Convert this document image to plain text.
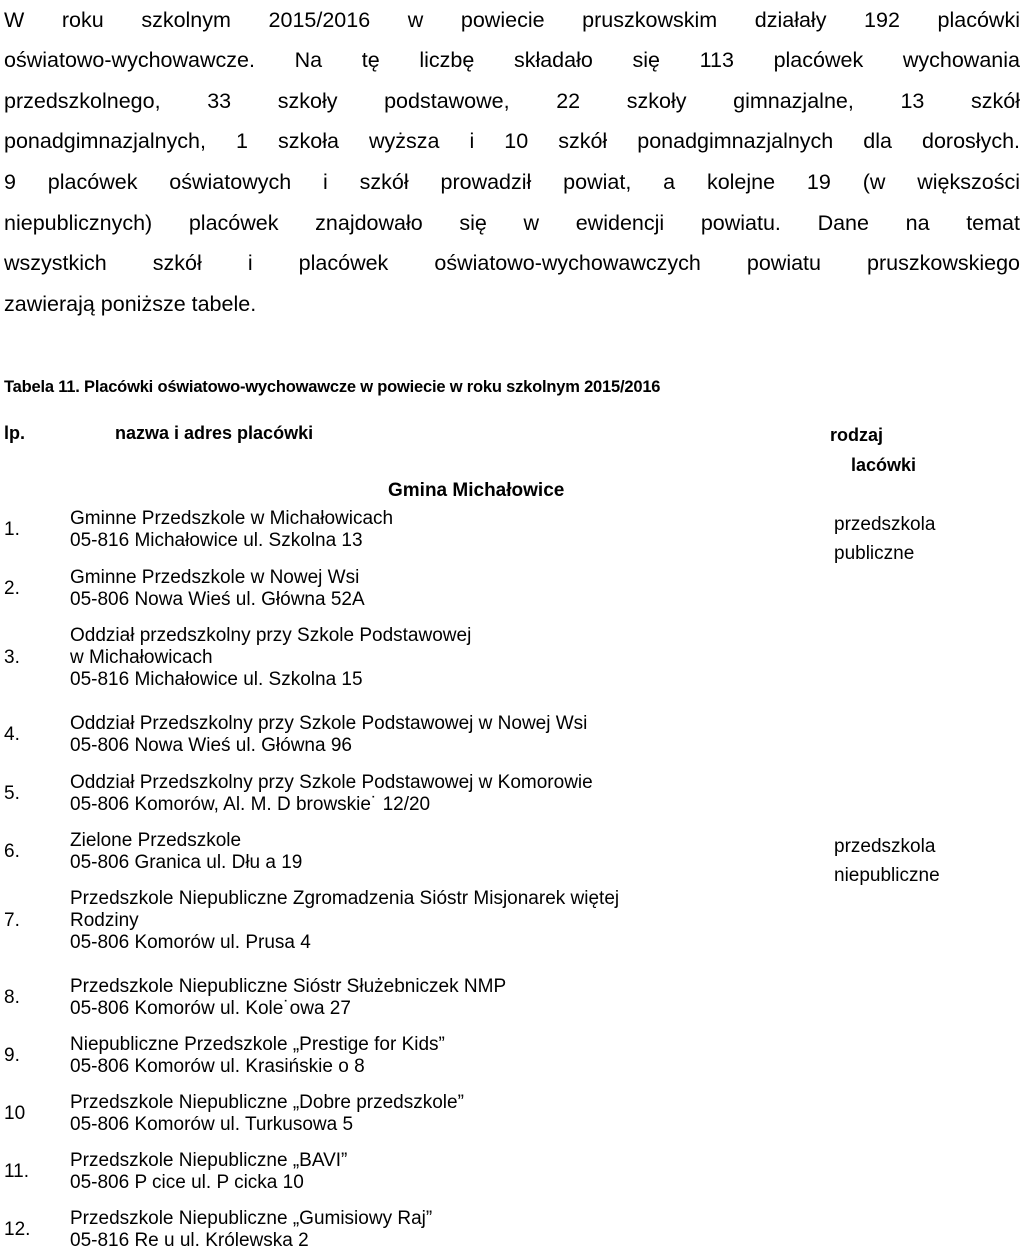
W roku szkolnym 2015/2016 w powiecie pruszkowskim działały 192 placówki
oświatowo-wychowawcze. Na tę liczbę składało się 113 placówek wychowania
przedszkolnego, 33 szkoły podstawowe, 22 szkoły gimnazjalne, 13 szkół
ponadgimnazjalnych, 1 szkoła wyższa i 10 szkół ponadgimnazjalnych dla dorosłych.
9 placówek oświatowych i szkół prowadził powiat, a kolejne 19 (w większości
niepublicznych) placówek znajdowało się w ewidencji powiatu. Dane na temat
wszystkich szkół i placówek oświatowo-wychowawczych powiatu pruszkowskiego
zawierają poniższe tabele.
Tabela 11. Placówki oświatowo-wychowawcze w powiecie w roku szkolnym 2015/2016
lp.	nazwa i adres placówki	rodzaj
lacówki
Gmina Michałowice
1.
Gminne Przedszkole w Michałowicach
05-816 Michałowice ul. Szkolna 13
przedszkola
publiczne
2.
Gminne Przedszkole w Nowej Wsi
05-806 Nowa Wieś ul. Główna 52A
3.
Oddział przedszkolny przy Szkole Podstawowej
w Michałowicach
05-816 Michałowice ul. Szkolna 15
4.
Oddział Przedszkolny przy Szkole Podstawowej w Nowej Wsi
05-806 Nowa Wieś ul. Główna 96
5.
Oddział Przedszkolny przy Szkole Podstawowej w Komorowie
05-806 Komorów, Al. M. D browskie˙ 12/20
6.
Zielone Przedszkole
05-806 Granica ul. Dłu a 19
przedszkola
niepubliczne
7.
Przedszkole Niepubliczne Zgromadzenia Sióstr Misjonarek więtej
Rodziny
05-806 Komorów ul. Prusa 4
8.
Przedszkole Niepubliczne Sióstr Służebniczek NMP
05-806 Komorów ul. Kole˙owa 27
9.
Niepubliczne Przedszkole „Prestige for Kids”
05-806 Komorów ul. Krasińskie o 8
10
Przedszkole Niepubliczne „Dobre przedszkole”
05-806 Komorów ul. Turkusowa 5
11.
Przedszkole Niepubliczne „BAVI”
05-806 P cice ul. P cicka 10
12.
Przedszkole Niepubliczne „Gumisiowy Raj”
05-816 Re u ul. Królewska 2
